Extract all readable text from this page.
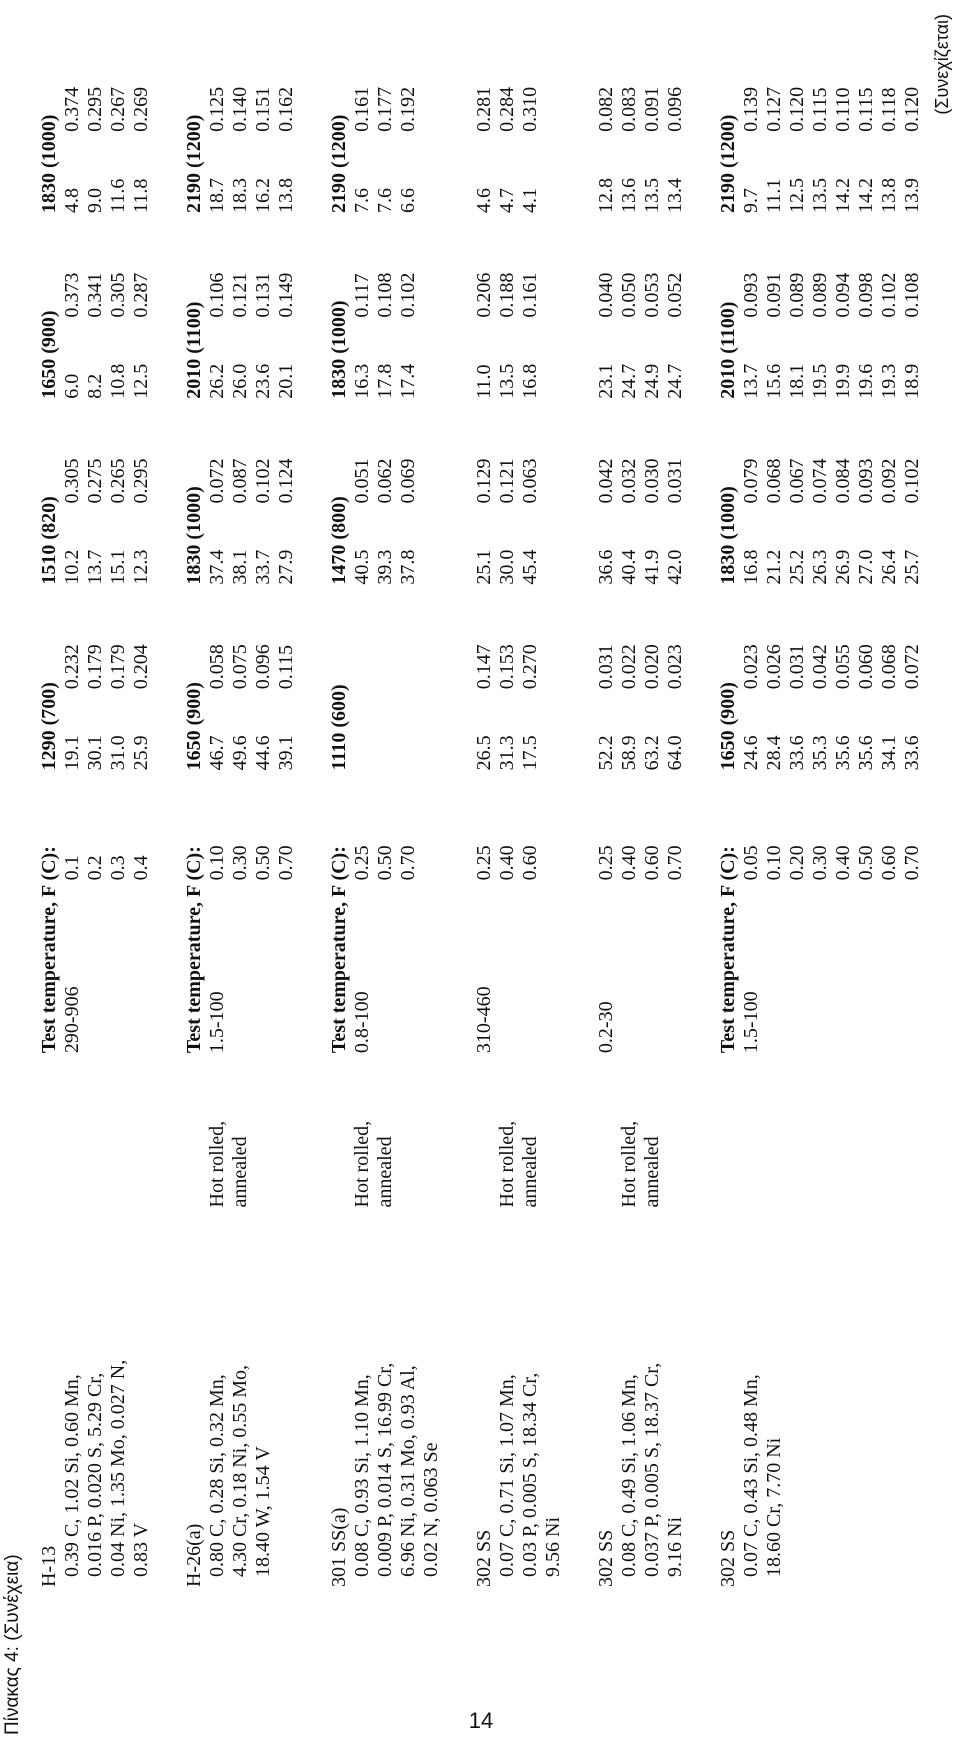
Πίνακας 4: (Συνέχεια) H-13		Test temperature, F (C):		1290 (700)		1510 (820)		1650 (900)		1830 (1000)	
0.39 C, 1.02 Si, 0.60 Mn,		290-906	0.1	19.1	0.232	10.2	0.305	6.0	0.373	4.8	0.374
0.016 P, 0.020 S, 5.29 Cr,			0.2	30.1	0.179	13.7	0.275	8.2	0.341	9.0	0.295
0.04 Ni, 1.35 Mo, 0.027 N,			0.3	31.0	0.179	15.1	0.265	10.8	0.305	11.6	0.267
0.83 V			0.4	25.9	0.204	12.3	0.295	12.5	0.287	11.8	0.269

H-26(a)		Test temperature, F (C):		1650 (900)		1830 (1000)		2010 (1100)		2190 (1200)	
0.80 C, 0.28 Si, 0.32 Mn,	Hot rolled,	1.5-100	0.10	46.7	0.058	37.4	0.072	26.2	0.106	18.7	0.125
4.30 Cr, 0.18 Ni, 0.55 Mo,	annealed		0.30	49.6	0.075	38.1	0.087	26.0	0.121	18.3	0.140
18.40 W, 1.54 V			0.50	44.6	0.096	33.7	0.102	23.6	0.131	16.2	0.151
			0.70	39.1	0.115	27.9	0.124	20.1	0.149	13.8	0.162

301 SS(a)		Test temperature, F (C):		1110 (600)		1470 (800)		1830 (1000)		2190 (1200)	
0.08 C, 0.93 Si, 1.10 Mn,	Hot rolled,	0.8-100	0.25			40.5	0.051	16.3	0.117	7.6	0.161
0.009 P, 0.014 S, 16.99 Cr,	annealed		0.50			39.3	0.062	17.8	0.108	7.6	0.177
6.96 Ni, 0.31 Mo, 0.93 Al,			0.70			37.8	0.069	17.4	0.102	6.6	0.192
0.02 N, 0.063 Se											

302 SS		310-460	0.25	26.5	0.147	25.1	0.129	11.0	0.206	4.6	0.281
0.07 C, 0.71 Si, 1.07 Mn,	Hot rolled,		0.40	31.3	0.153	30.0	0.121	13.5	0.188	4.7	0.284
0.03 P, 0.005 S, 18.34 Cr,	annealed		0.60	17.5	0.270	45.4	0.063	16.8	0.161	4.1	0.310
9.56 Ni											

302 SS		0.2-30	0.25	52.2	0.031	36.6	0.042	23.1	0.040	12.8	0.082
0.08 C, 0.49 Si, 1.06 Mn,	Hot rolled,		0.40	58.9	0.022	40.4	0.032	24.7	0.050	13.6	0.083
0.037 P, 0.005 S, 18.37 Cr,	annealed		0.60	63.2	0.020	41.9	0.030	24.9	0.053	13.5	0.091
9.16 Ni			0.70	64.0	0.023	42.0	0.031	24.7	0.052	13.4	0.096

302 SS		Test temperature, F (C):		1650 (900)		1830 (1000)		2010 (1100)		2190 (1200)	
0.07 C, 0.43 Si, 0.48 Mn,		1.5-100	0.05	24.6	0.023	16.8	0.079	13.7	0.093	9.7	0.139
18.60 Cr, 7.70 Ni			0.10	28.4	0.026	21.2	0.068	15.6	0.091	11.1	0.127
			0.20	33.6	0.031	25.2	0.067	18.1	0.089	12.5	0.120
			0.30	35.3	0.042	26.3	0.074	19.5	0.089	13.5	0.115
			0.40	35.6	0.055	26.9	0.084	19.9	0.094	14.2	0.110
			0.50	35.6	0.060	27.0	0.093	19.6	0.098	14.2	0.115
			0.60	34.1	0.068	26.4	0.092	19.3	0.102	13.8	0.118
			0.70	33.6	0.072	25.7	0.102	18.9	0.108	13.9	0.120

14
(Συνεχίζεται)
